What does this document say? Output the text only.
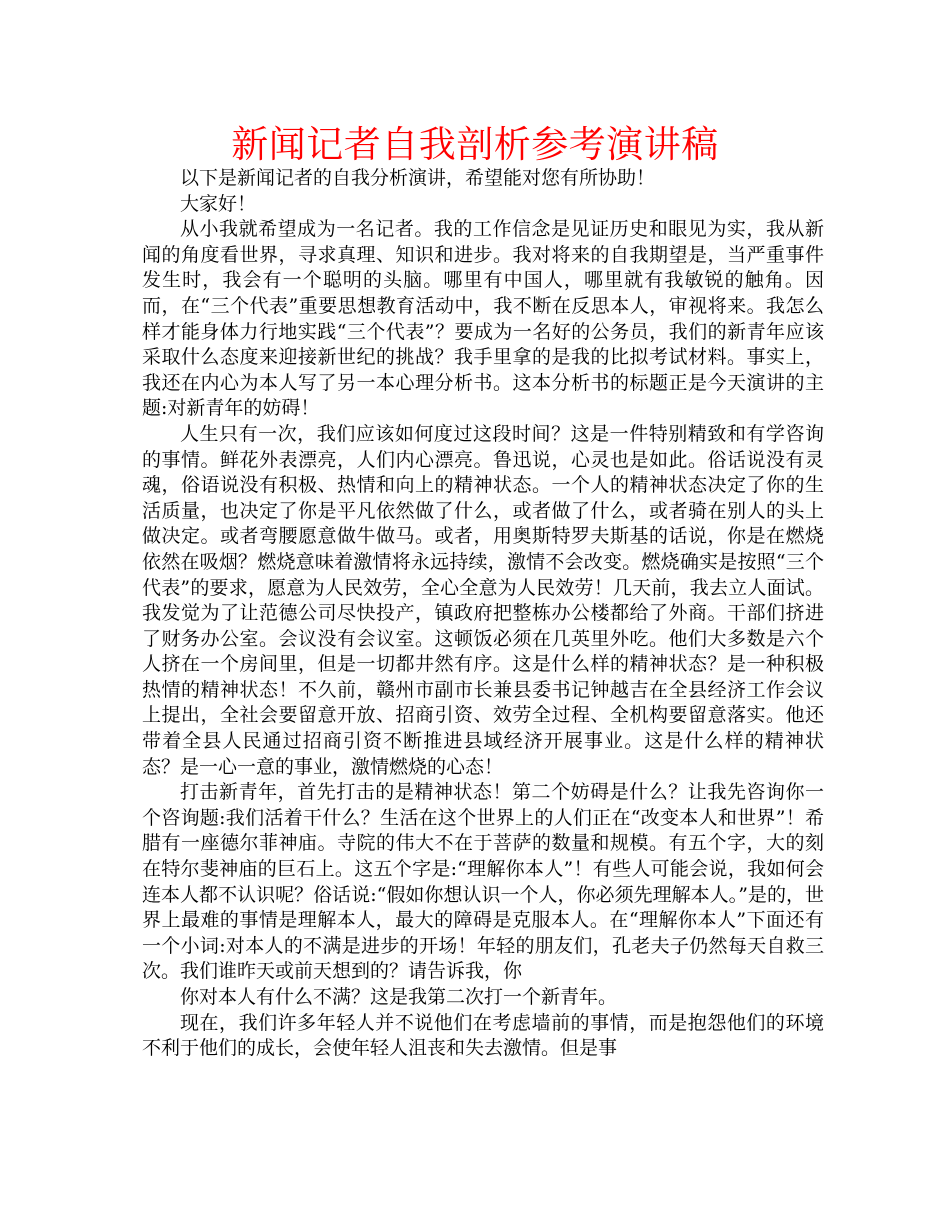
新闻记者自我剖析参考演讲稿

以下是新闻记者的自我分析演讲，希望能对您有所协助！

大家好！

从小我就希望成为一名记者。我的工作信念是见证历史和眼见为实，我从新闻的角度看世界，寻求真理、知识和进步。我对将来的自我期望是，当严重事件发生时，我会有一个聪明的头脑。哪里有中国人，哪里就有我敏锐的触角。因而，在“三个代表”重要思想教育活动中，我不断在反思本人，审视将来。我怎么样才能身体力行地实践“三个代表”？要成为一名好的公务员，我们的新青年应该采取什么态度来迎接新世纪的挑战？我手里拿的是我的比拟考试材料。事实上，我还在内心为本人写了另一本心理分析书。这本分析书的标题正是今天演讲的主题:对新青年的妨碍！

人生只有一次，我们应该如何度过这段时间？这是一件特别精致和有学咨询的事情。鲜花外表漂亮，人们内心漂亮。鲁迅说，心灵也是如此。俗话说没有灵魂，俗语说没有积极、热情和向上的精神状态。一个人的精神状态决定了你的生活质量，也决定了你是平凡依然做了什么，或者做了什么，或者骑在别人的头上做决定。或者弯腰愿意做牛做马。或者，用奥斯特罗夫斯基的话说，你是在燃烧依然在吸烟？燃烧意味着激情将永远持续，激情不会改变。燃烧确实是按照“三个代表”的要求，愿意为人民效劳，全心全意为人民效劳！几天前，我去立人面试。我发觉为了让范德公司尽快投产，镇政府把整栋办公楼都给了外商。干部们挤进了财务办公室。会议没有会议室。这顿饭必须在几英里外吃。他们大多数是六个人挤在一个房间里，但是一切都井然有序。这是什么样的精神状态？是一种积极热情的精神状态！不久前，赣州市副市长兼县委书记钟越吉在全县经济工作会议上提出，全社会要留意开放、招商引资、效劳全过程、全机构要留意落实。他还带着全县人民通过招商引资不断推进县域经济开展事业。这是什么样的精神状态？是一心一意的事业，激情燃烧的心态！

打击新青年，首先打击的是精神状态！第二个妨碍是什么？让我先咨询你一个咨询题:我们活着干什么？生活在这个世界上的人们正在“改变本人和世界”！希腊有一座德尔菲神庙。寺院的伟大不在于菩萨的数量和规模。有五个字，大的刻在特尔斐神庙的巨石上。这五个字是:“理解你本人”！有些人可能会说，我如何会连本人都不认识呢？俗话说:“假如你想认识一个人，你必须先理解本人。”是的，世界上最难的事情是理解本人，最大的障碍是克服本人。在“理解你本人”下面还有一个小词:对本人的不满是进步的开场！年轻的朋友们，孔老夫子仍然每天自救三次。我们谁昨天或前天想到的？请告诉我，你

你对本人有什么不满？这是我第二次打一个新青年。

现在，我们许多年轻人并不说他们在考虑墙前的事情，而是抱怨他们的环境不利于他们的成长，会使年轻人沮丧和失去激情。但是事
